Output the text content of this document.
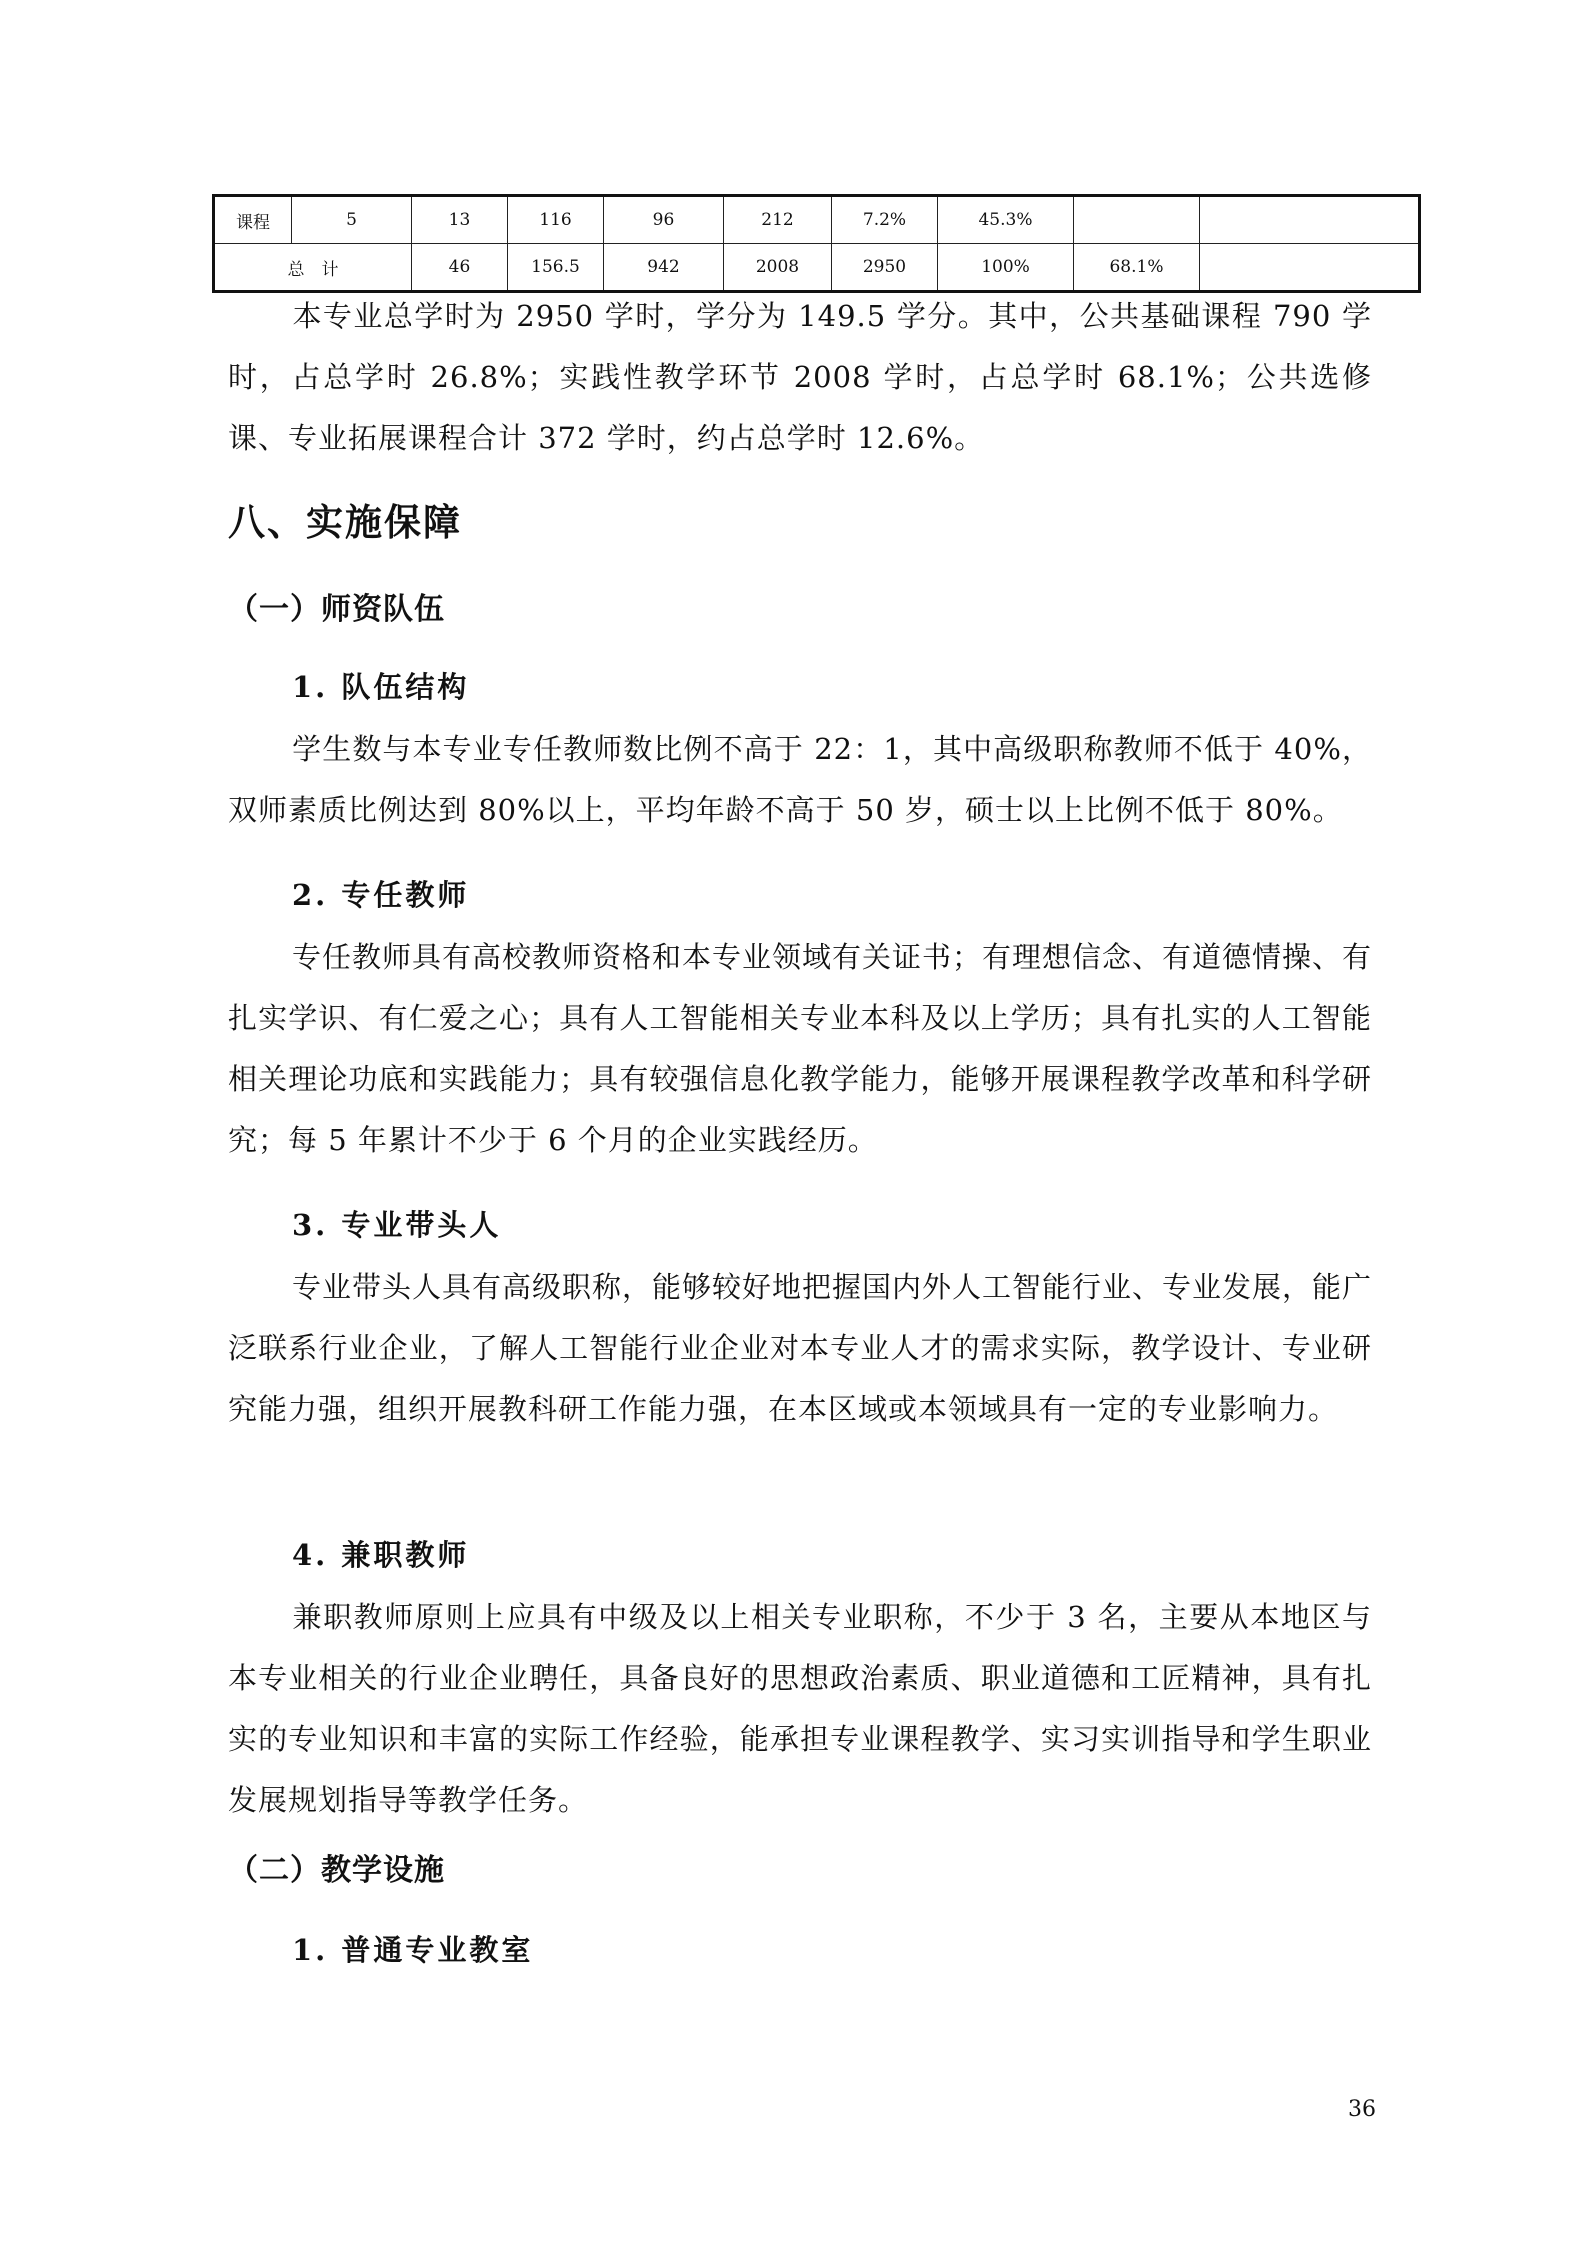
课程	5	13	116	96	212	7.2%	45.3%		
总　计		46	156.5	942	2008	2950	100%	68.1%	

本专业总学时为 2950 学时，学分为 149.5 学分。其中，公共基础课程 790 学时，占总学时 26.8%；实践性教学环节 2008 学时，占总学时 68.1%；公共选修课、专业拓展课程合计 372 学时，约占总学时 12.6%。

八、实施保障
（一）师资队伍
1. 队伍结构

学生数与本专业专任教师数比例不高于 22：1，其中高级职称教师不低于 40%，双师素质比例达到 80%以上，平均年龄不高于 50 岁，硕士以上比例不低于 80%。

2. 专任教师

专任教师具有高校教师资格和本专业领域有关证书；有理想信念、有道德情操、有扎实学识、有仁爱之心；具有人工智能相关专业本科及以上学历；具有扎实的人工智能相关理论功底和实践能力；具有较强信息化教学能力，能够开展课程教学改革和科学研究；每 5 年累计不少于 6 个月的企业实践经历。

3. 专业带头人

专业带头人具有高级职称，能够较好地把握国内外人工智能行业、专业发展，能广泛联系行业企业，了解人工智能行业企业对本专业人才的需求实际，教学设计、专业研究能力强，组织开展教科研工作能力强，在本区域或本领域具有一定的专业影响力。

4. 兼职教师

兼职教师原则上应具有中级及以上相关专业职称，不少于 3 名，主要从本地区与本专业相关的行业企业聘任，具备良好的思想政治素质、职业道德和工匠精神，具有扎实的专业知识和丰富的实际工作经验，能承担专业课程教学、实习实训指导和学生职业发展规划指导等教学任务。

（二）教学设施
1. 普通专业教室
36
